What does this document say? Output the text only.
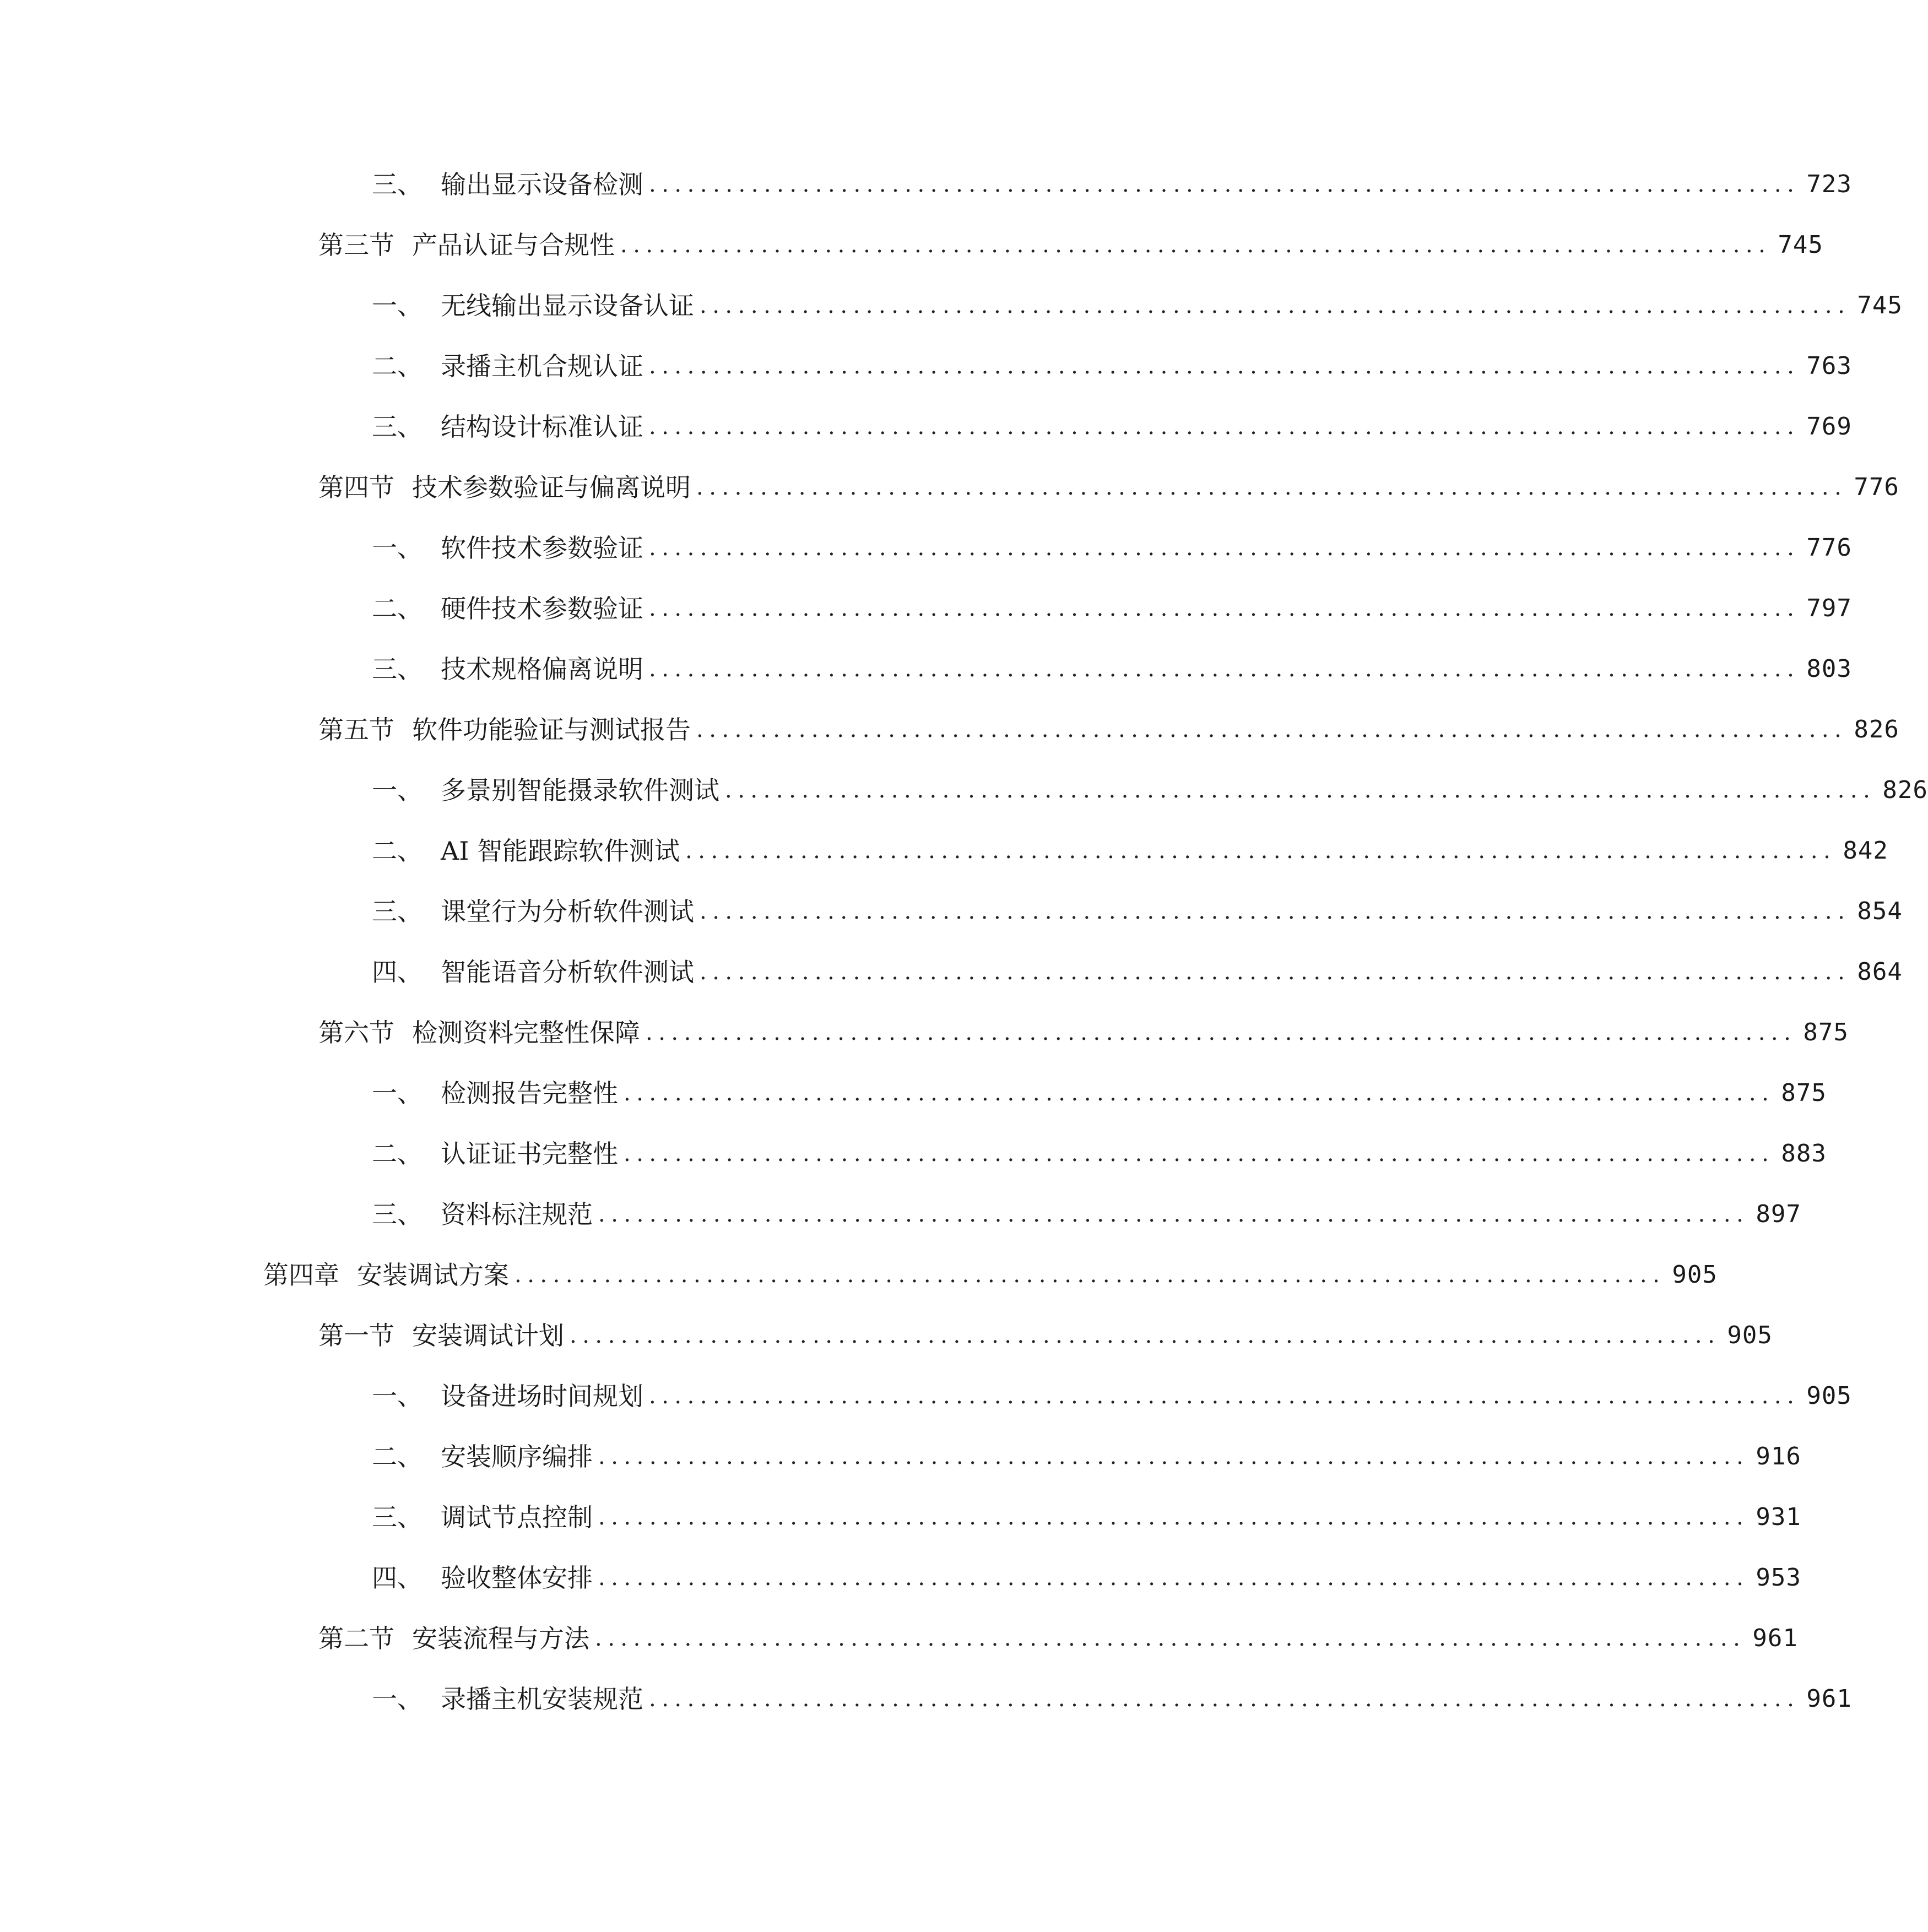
三、 输出显示设备检测 .......................................................................................... 723
第三节 产品认证与合规性 .......................................................................................... 745
一、 无线输出显示设备认证 .......................................................................................... 745
二、 录播主机合规认证 .......................................................................................... 763
三、 结构设计标准认证 .......................................................................................... 769
第四节 技术参数验证与偏离说明 .......................................................................................... 776
一、 软件技术参数验证 .......................................................................................... 776
二、 硬件技术参数验证 .......................................................................................... 797
三、 技术规格偏离说明 .......................................................................................... 803
第五节 软件功能验证与测试报告 .......................................................................................... 826
一、 多景别智能摄录软件测试 .......................................................................................... 826
二、 AI 智能跟踪软件测试 .......................................................................................... 842
三、 课堂行为分析软件测试 .......................................................................................... 854
四、 智能语音分析软件测试 .......................................................................................... 864
第六节 检测资料完整性保障 .......................................................................................... 875
一、 检测报告完整性 .......................................................................................... 875
二、 认证证书完整性 .......................................................................................... 883
三、 资料标注规范 .......................................................................................... 897
第四章 安装调试方案 .......................................................................................... 905
第一节 安装调试计划 .......................................................................................... 905
一、 设备进场时间规划 .......................................................................................... 905
二、 安装顺序编排 .......................................................................................... 916
三、 调试节点控制 .......................................................................................... 931
四、 验收整体安排 .......................................................................................... 953
第二节 安装流程与方法 .......................................................................................... 961
一、 录播主机安装规范 .......................................................................................... 961
